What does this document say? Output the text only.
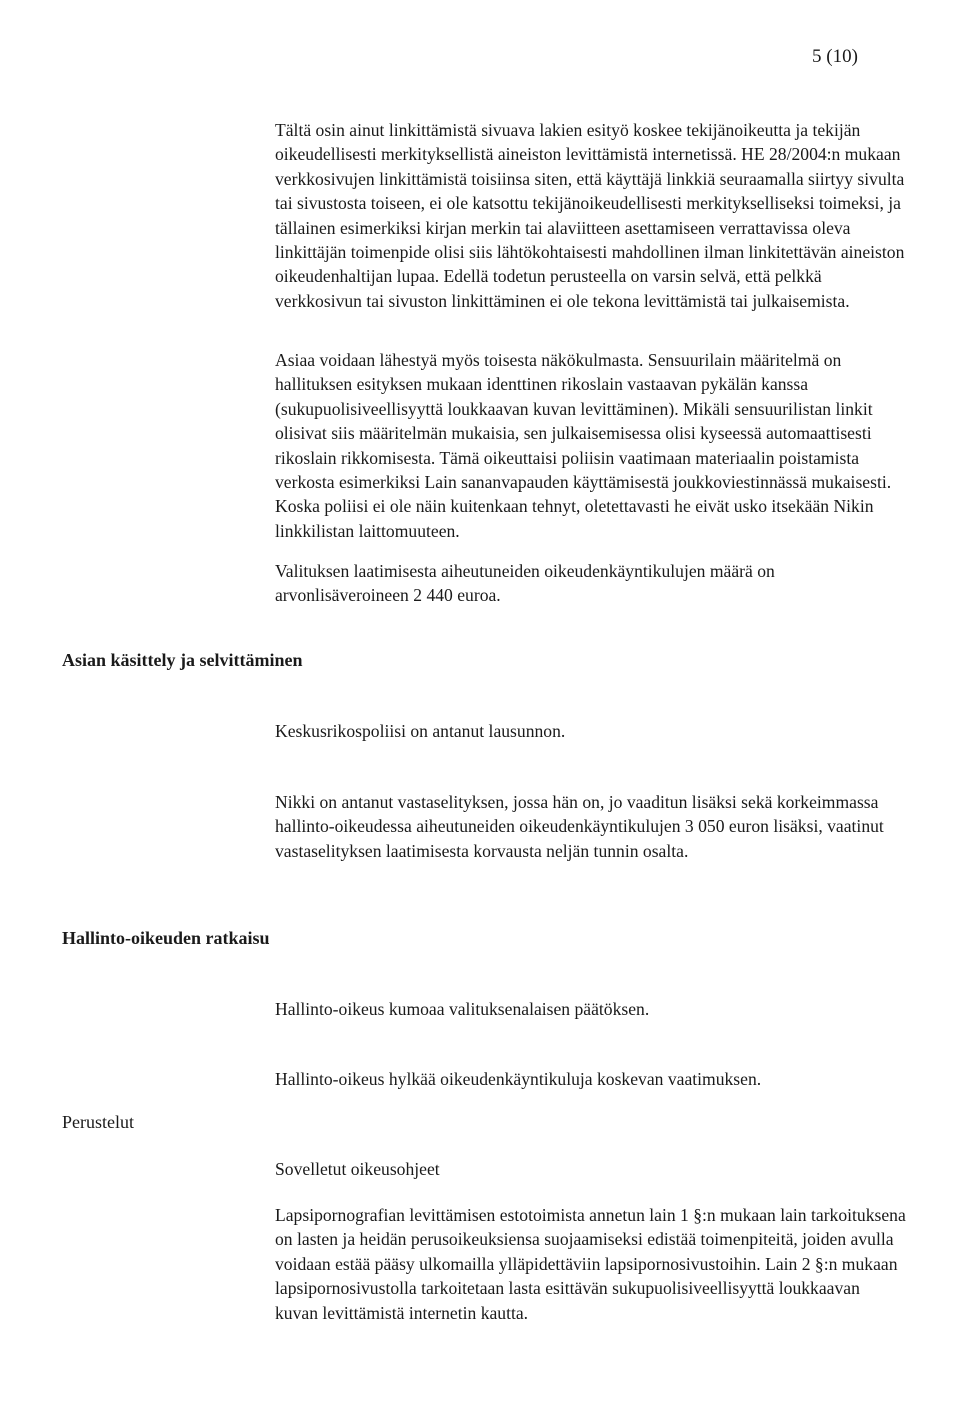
5 (10)

Tältä osin ainut linkittämistä sivuava lakien esityö koskee tekijänoikeutta ja tekijän oikeudellisesti merkityksellistä aineiston levittämistä internetissä. HE 28/2004:n mukaan verkkosivujen linkittämistä toisiinsa siten, että käyttäjä linkkiä seuraamalla siirtyy sivulta tai sivustosta toiseen, ei ole katsottu tekijänoikeudellisesti merkitykselliseksi toimeksi, ja tällainen esimerkiksi kirjan merkin tai alaviitteen asettamiseen verrattavissa oleva linkittäjän toimenpide olisi siis lähtökohtaisesti mahdollinen ilman linkitettävän aineiston oikeudenhaltijan lupaa. Edellä todetun perusteella on varsin selvä, että pelkkä verkkosivun tai sivuston linkittäminen ei ole tekona levittämistä tai julkaisemista.

Asiaa voidaan lähestyä myös toisesta näkökulmasta. Sensuurilain määritelmä on hallituksen esityksen mukaan identtinen rikoslain vastaavan pykälän kanssa (sukupuolisiveellisyyttä loukkaavan kuvan levittäminen). Mikäli sensuurilistan linkit olisivat siis määritelmän mukaisia, sen julkaisemisessa olisi kyseessä automaattisesti rikoslain rikkomisesta. Tämä oikeuttaisi poliisin vaatimaan materiaalin poistamista verkosta esimerkiksi Lain sananvapauden käyttämisestä joukkoviestinnässä mukaisesti. Koska poliisi ei ole näin kuitenkaan tehnyt, oletettavasti he eivät usko itsekään Nikin linkkilistan laittomuuteen.

Valituksen laatimisesta aiheutuneiden oikeudenkäyntikulujen määrä on arvonlisäveroineen 2 440 euroa.

Asian käsittely ja selvittäminen

Keskusrikospoliisi on antanut lausunnon.

Nikki on antanut vastaselityksen, jossa hän on, jo vaaditun lisäksi sekä korkeimmassa hallinto-oikeudessa aiheutuneiden oikeudenkäyntikulujen 3 050 euron lisäksi, vaatinut vastaselityksen laatimisesta korvausta neljän tunnin osalta.

Hallinto-oikeuden ratkaisu

Hallinto-oikeus kumoaa valituksenalaisen päätöksen.

Hallinto-oikeus hylkää oikeudenkäyntikuluja koskevan vaatimuksen.

Perustelut

Sovelletut oikeusohjeet

Lapsipornografian levittämisen estotoimista annetun lain 1 §:n mukaan lain tarkoituksena on lasten ja heidän perusoikeuksiensa suojaamiseksi edistää toimenpiteitä, joiden avulla voidaan estää pääsy ulkomailla ylläpidettäviin lapsipornosivustoihin. Lain 2 §:n mukaan lapsipornosivustolla tarkoitetaan lasta esittävän sukupuolisiveellisyyttä loukkaavan kuvan levittämistä internetin kautta.
